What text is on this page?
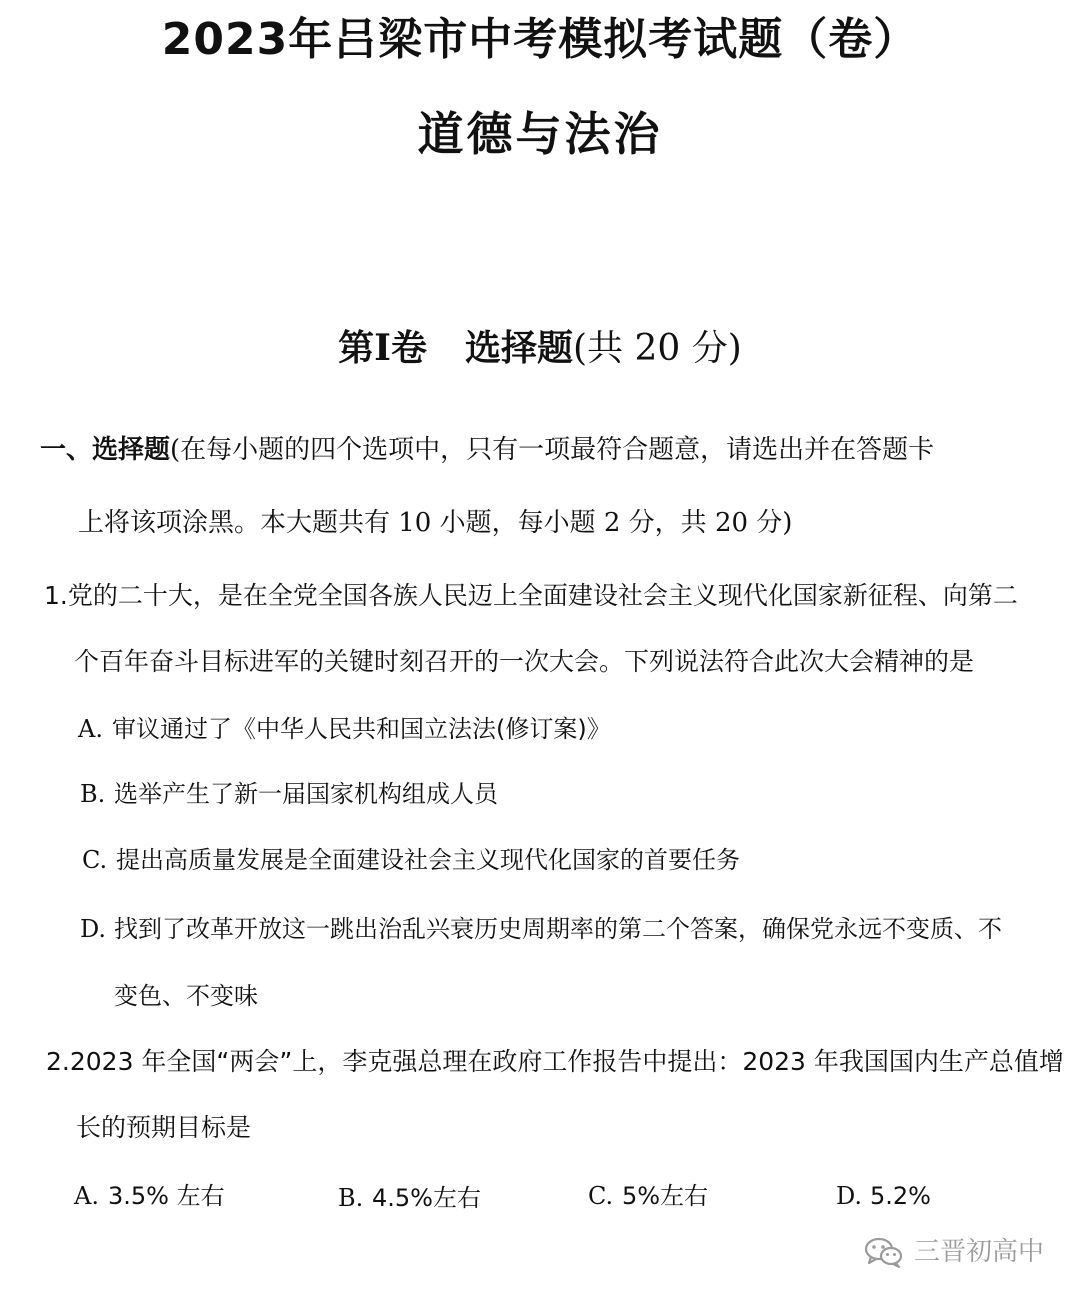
2023年吕梁市中考模拟考试题（卷）
道德与法治
第Ⅰ卷 选择题(共 20 分)
一、选择题(在每小题的四个选项中，只有一项最符合题意，请选出并在答题卡
上将该项涂黑。本大题共有 10 小题，每小题 2 分，共 20 分)
1.党的二十大，是在全党全国各族人民迈上全面建设社会主义现代化国家新征程、向第二
个百年奋斗目标进军的关键时刻召开的一次大会。下列说法符合此次大会精神的是
A. 审议通过了《中华人民共和国立法法(修订案)》
B. 选举产生了新一届国家机构组成人员
C. 提出高质量发展是全面建设社会主义现代化国家的首要任务
D. 找到了改革开放这一跳出治乱兴衰历史周期率的第二个答案，确保党永远不变质、不
变色、不变味
2.2023 年全国“两会”上，李克强总理在政府工作报告中提出：2023 年我国国内生产总值增
长的预期目标是
A. 3.5% 左右	B. 4.5%左右	C. 5%左右	D. 5.2%
三晋初高中
